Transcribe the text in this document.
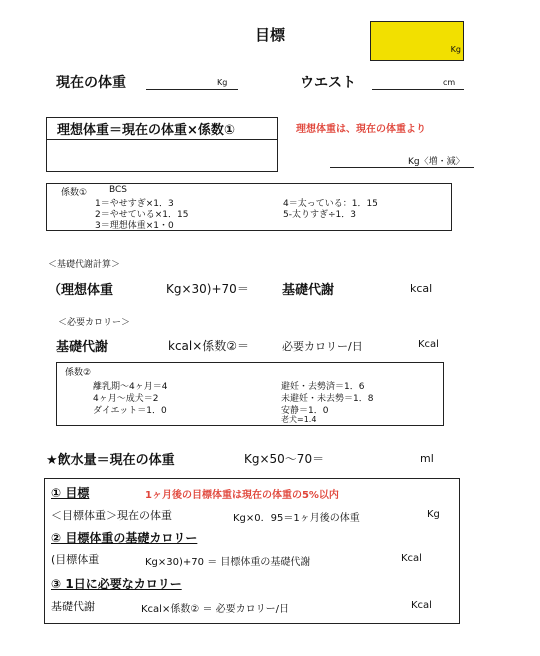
目標
Kg
現在の体重	Kg	ウエスト	cm
理想体重＝現在の体重×係数①	理想体重は、現在の体重より
Kg〈増・減〉
係数① BCS
1＝やせすぎ×1．3
2＝やせている×1．15
3＝理想体重×1・0
4＝太っている：1．15
5-太りすぎ÷1．3
＜基礎代謝計算＞
（理想体重	Kg×30)+70＝	基礎代謝	kcal
＜必要カロリー＞
基礎代謝	kcal×係数②＝	必要カロリー/日	Kcal
係数②
離乳期～4ヶ月＝4
4ヶ月～成犬＝2
ダイエット＝1．0
避妊・去勢済＝1．6
未避妊・未去勢＝1．8
安静＝1．0
老犬=1.4
★飲水量＝現在の体重	Kg×50～70＝	ml
① 目標	1ヶ月後の目標体重は現在の体重の5%以内
＜目標体重＞現在の体重	Kg×0．95＝1ヶ月後の体重	Kg
② 目標体重の基礎カロリー
(目標体重	Kg×30)+70 ＝ 目標体重の基礎代謝	Kcal
③ 1日に必要なカロリー
基礎代謝	Kcal×係数② ＝ 必要カロリー/日	Kcal
